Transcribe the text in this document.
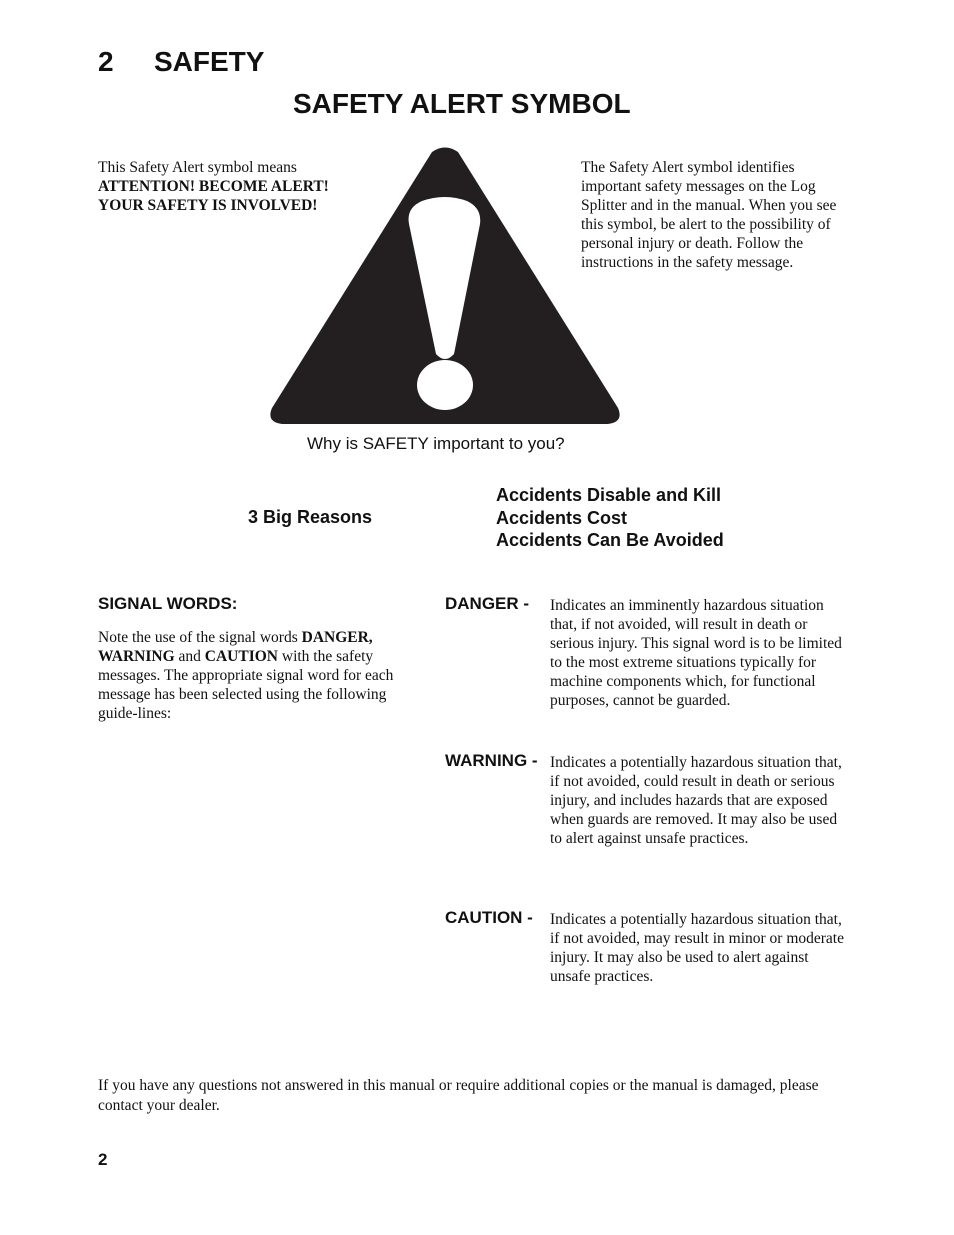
2 SAFETY
SAFETY ALERT SYMBOL
This Safety Alert symbol means
ATTENTION! BECOME ALERT! YOUR SAFETY IS INVOLVED!
The Safety Alert symbol identifies important safety messages on the Log Splitter and in the manual. When you see this symbol, be alert to the possibility of personal injury or death. Follow the instructions in the safety message.
Why is SAFETY important to you?
3 Big Reasons
Accidents Disable and Kill
Accidents Cost
Accidents Can Be Avoided
SIGNAL WORDS:
Note the use of the signal words DANGER, WARNING and CAUTION with the safety messages. The appropriate signal word for each message has been selected using the following guide-lines:
DANGER - Indicates an imminently hazardous situation that, if not avoided, will result in death or serious injury. This signal word is to be limited to the most extreme situations typically for machine components which, for functional purposes, cannot be guarded.
WARNING - Indicates a potentially hazardous situation that, if not avoided, could result in death or serious injury, and includes hazards that are exposed when guards are removed. It may also be used to alert against unsafe practices.
CAUTION - Indicates a potentially hazardous situation that, if not avoided, may result in minor or moderate injury. It may also be used to alert against unsafe practices.
If you have any questions not answered in this manual or require additional copies or the manual is damaged, please contact your dealer.
2
